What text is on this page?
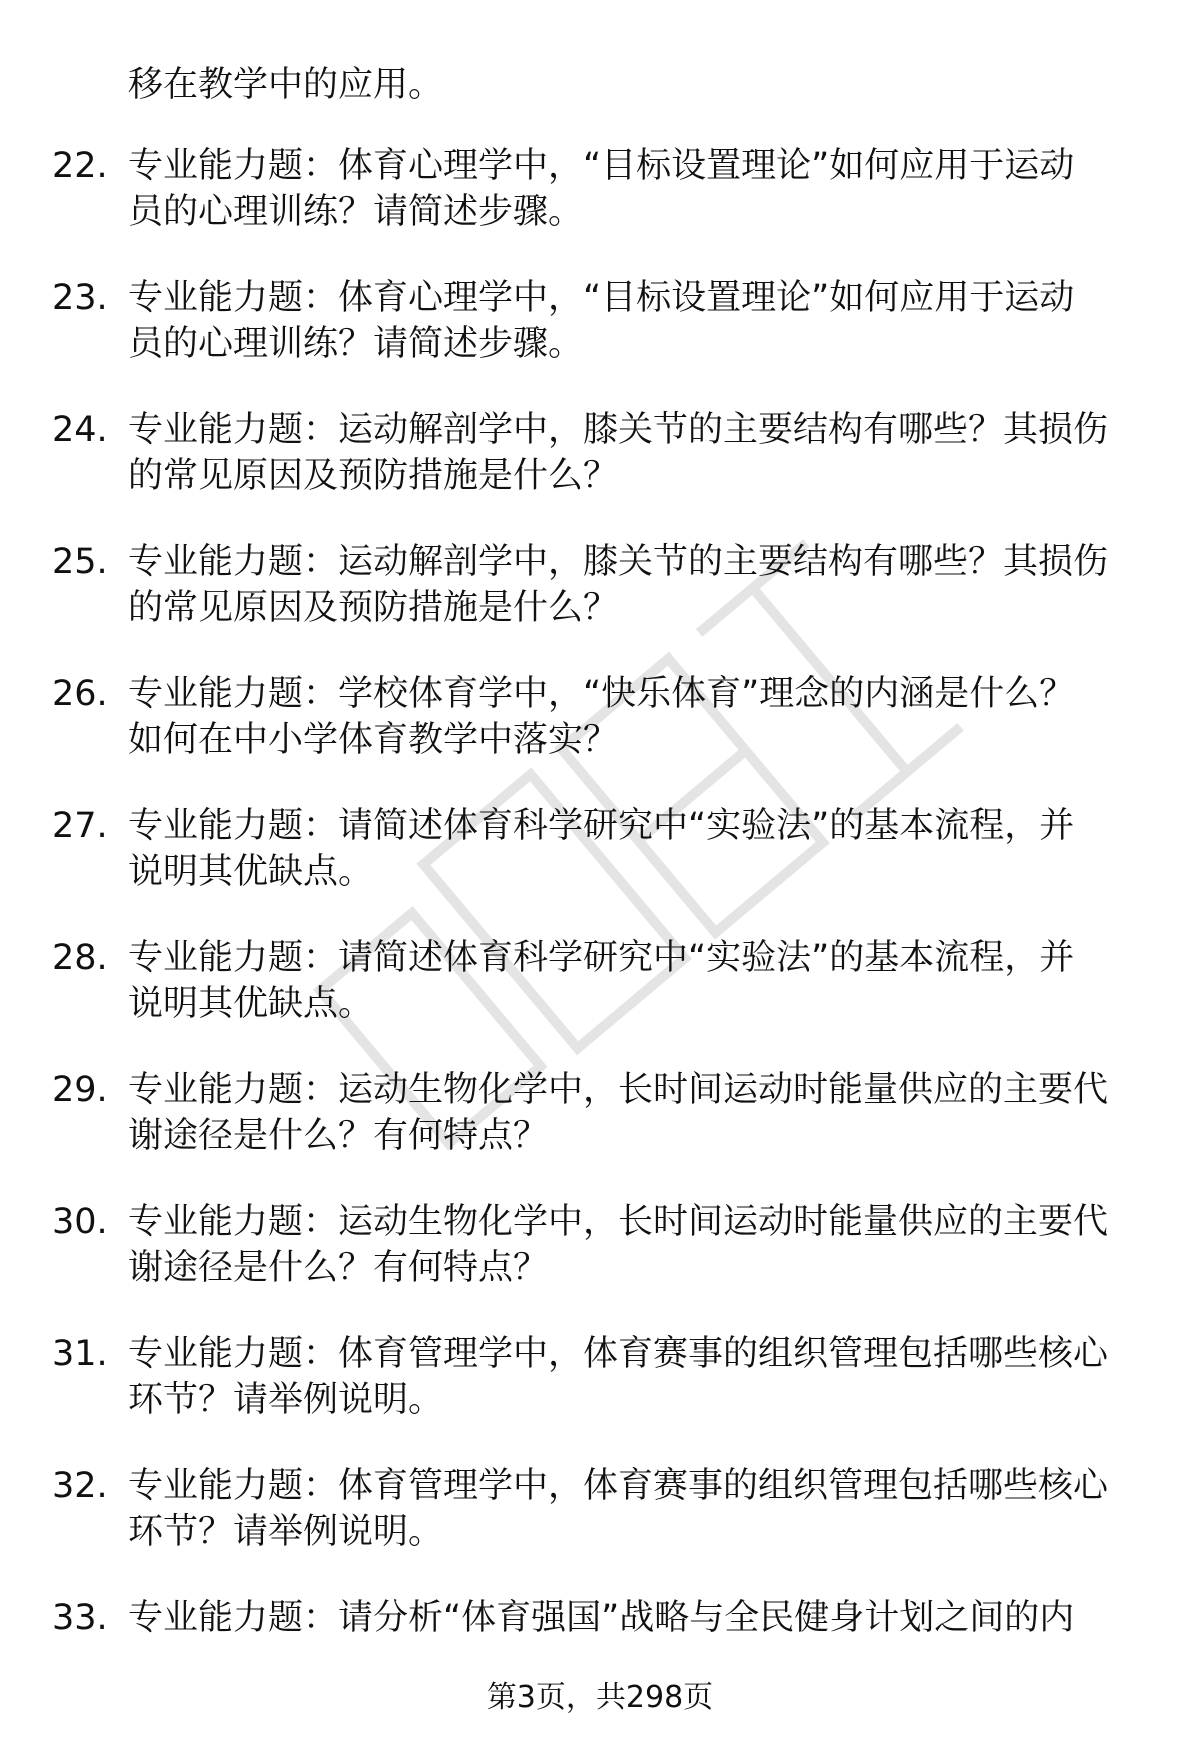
移在教学中的应用。
22. 专业能力题：体育心理学中，“目标设置理论”如何应用于运动
员的心理训练？请简述步骤。
23. 专业能力题：体育心理学中，“目标设置理论”如何应用于运动
员的心理训练？请简述步骤。
24. 专业能力题：运动解剖学中，膝关节的主要结构有哪些？其损伤
的常见原因及预防措施是什么？
25. 专业能力题：运动解剖学中，膝关节的主要结构有哪些？其损伤
的常见原因及预防措施是什么？
26. 专业能力题：学校体育学中，“快乐体育”理念的内涵是什么？
如何在中小学体育教学中落实？
27. 专业能力题：请简述体育科学研究中“实验法”的基本流程，并
说明其优缺点。
28. 专业能力题：请简述体育科学研究中“实验法”的基本流程，并
说明其优缺点。
29. 专业能力题：运动生物化学中，长时间运动时能量供应的主要代
谢途径是什么？有何特点？
30. 专业能力题：运动生物化学中，长时间运动时能量供应的主要代
谢途径是什么？有何特点？
31. 专业能力题：体育管理学中，体育赛事的组织管理包括哪些核心
环节？请举例说明。
32. 专业能力题：体育管理学中，体育赛事的组织管理包括哪些核心
环节？请举例说明。
33. 专业能力题：请分析“体育强国”战略与全民健身计划之间的内
第3页，共298页
